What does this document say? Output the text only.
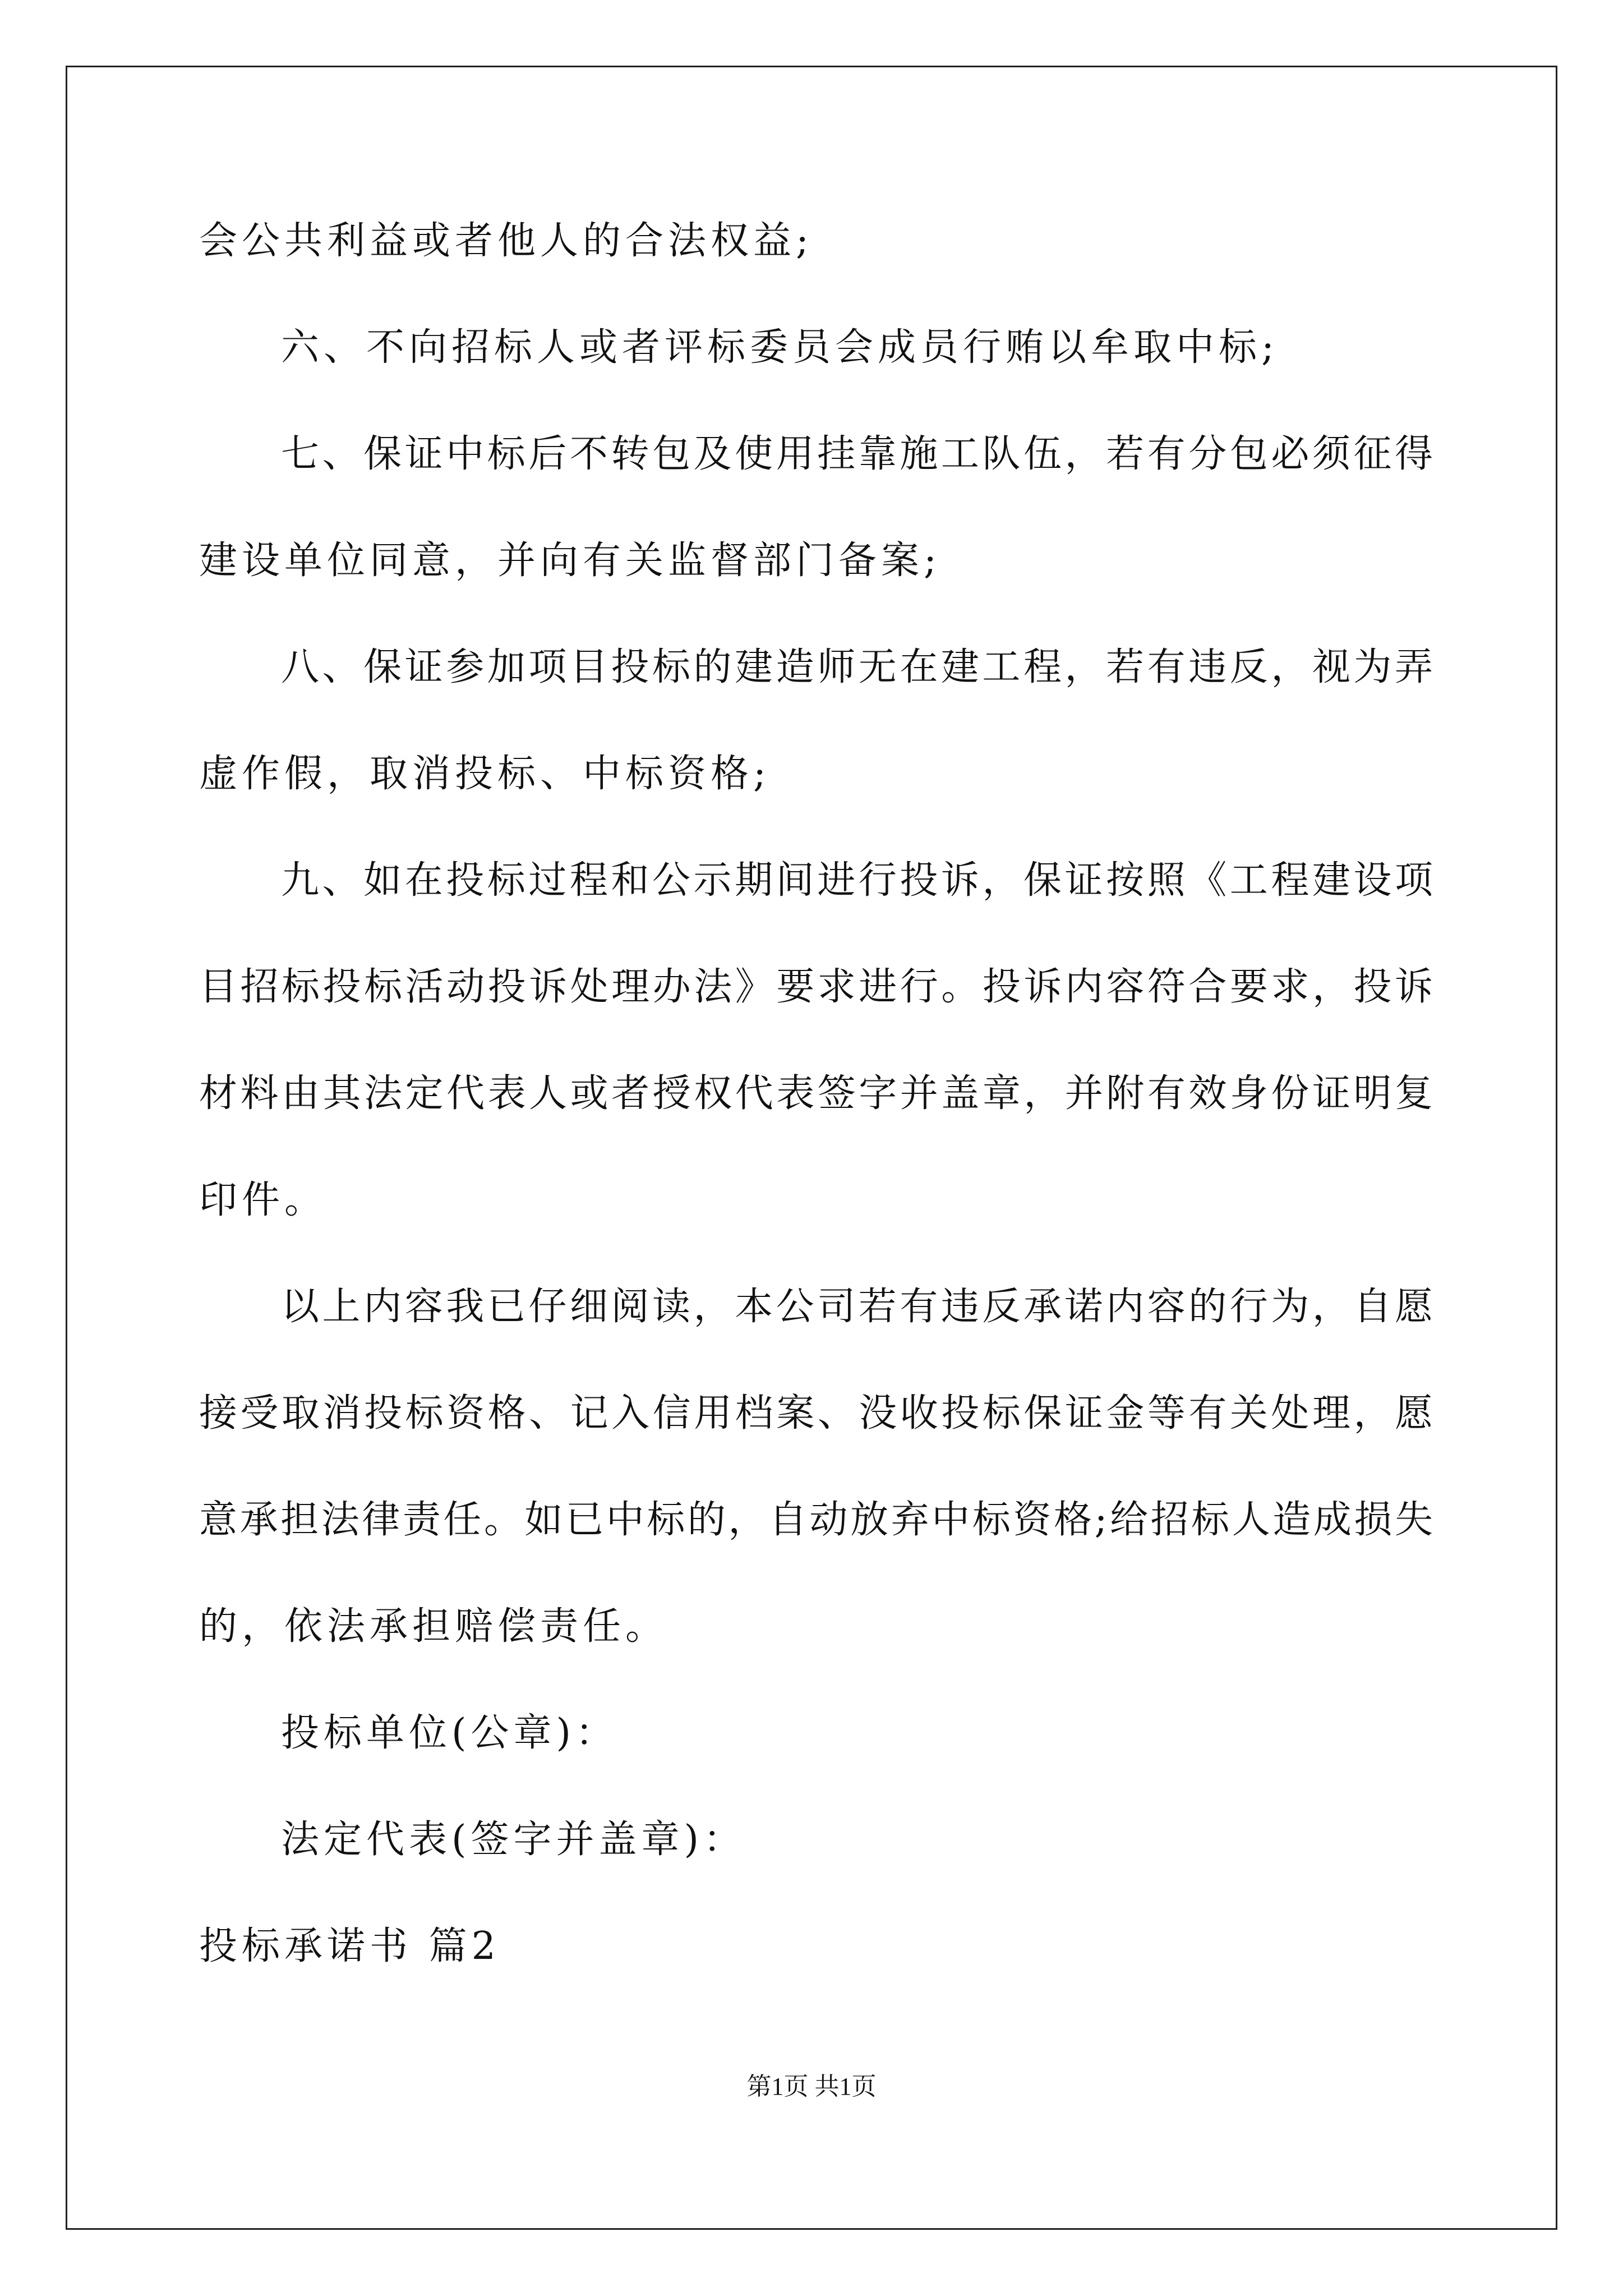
会公共利益或者他人的合法权益;
六、不向招标人或者评标委员会成员行贿以牟取中标;
七、保证中标后不转包及使用挂靠施工队伍，若有分包必须征得
建设单位同意，并向有关监督部门备案;
八、保证参加项目投标的建造师无在建工程，若有违反，视为弄
虚作假，取消投标、中标资格;
九、如在投标过程和公示期间进行投诉，保证按照《工程建设项
目招标投标活动投诉处理办法》要求进行。投诉内容符合要求，投诉
材料由其法定代表人或者授权代表签字并盖章，并附有效身份证明复
印件。
以上内容我已仔细阅读，本公司若有违反承诺内容的行为，自愿
接受取消投标资格、记入信用档案、没收投标保证金等有关处理，愿
意承担法律责任。如已中标的，自动放弃中标资格;给招标人造成损失
的，依法承担赔偿责任。
投标单位(公章)：
法定代表(签字并盖章)：
投标承诺书 篇2
第1页 共1页
